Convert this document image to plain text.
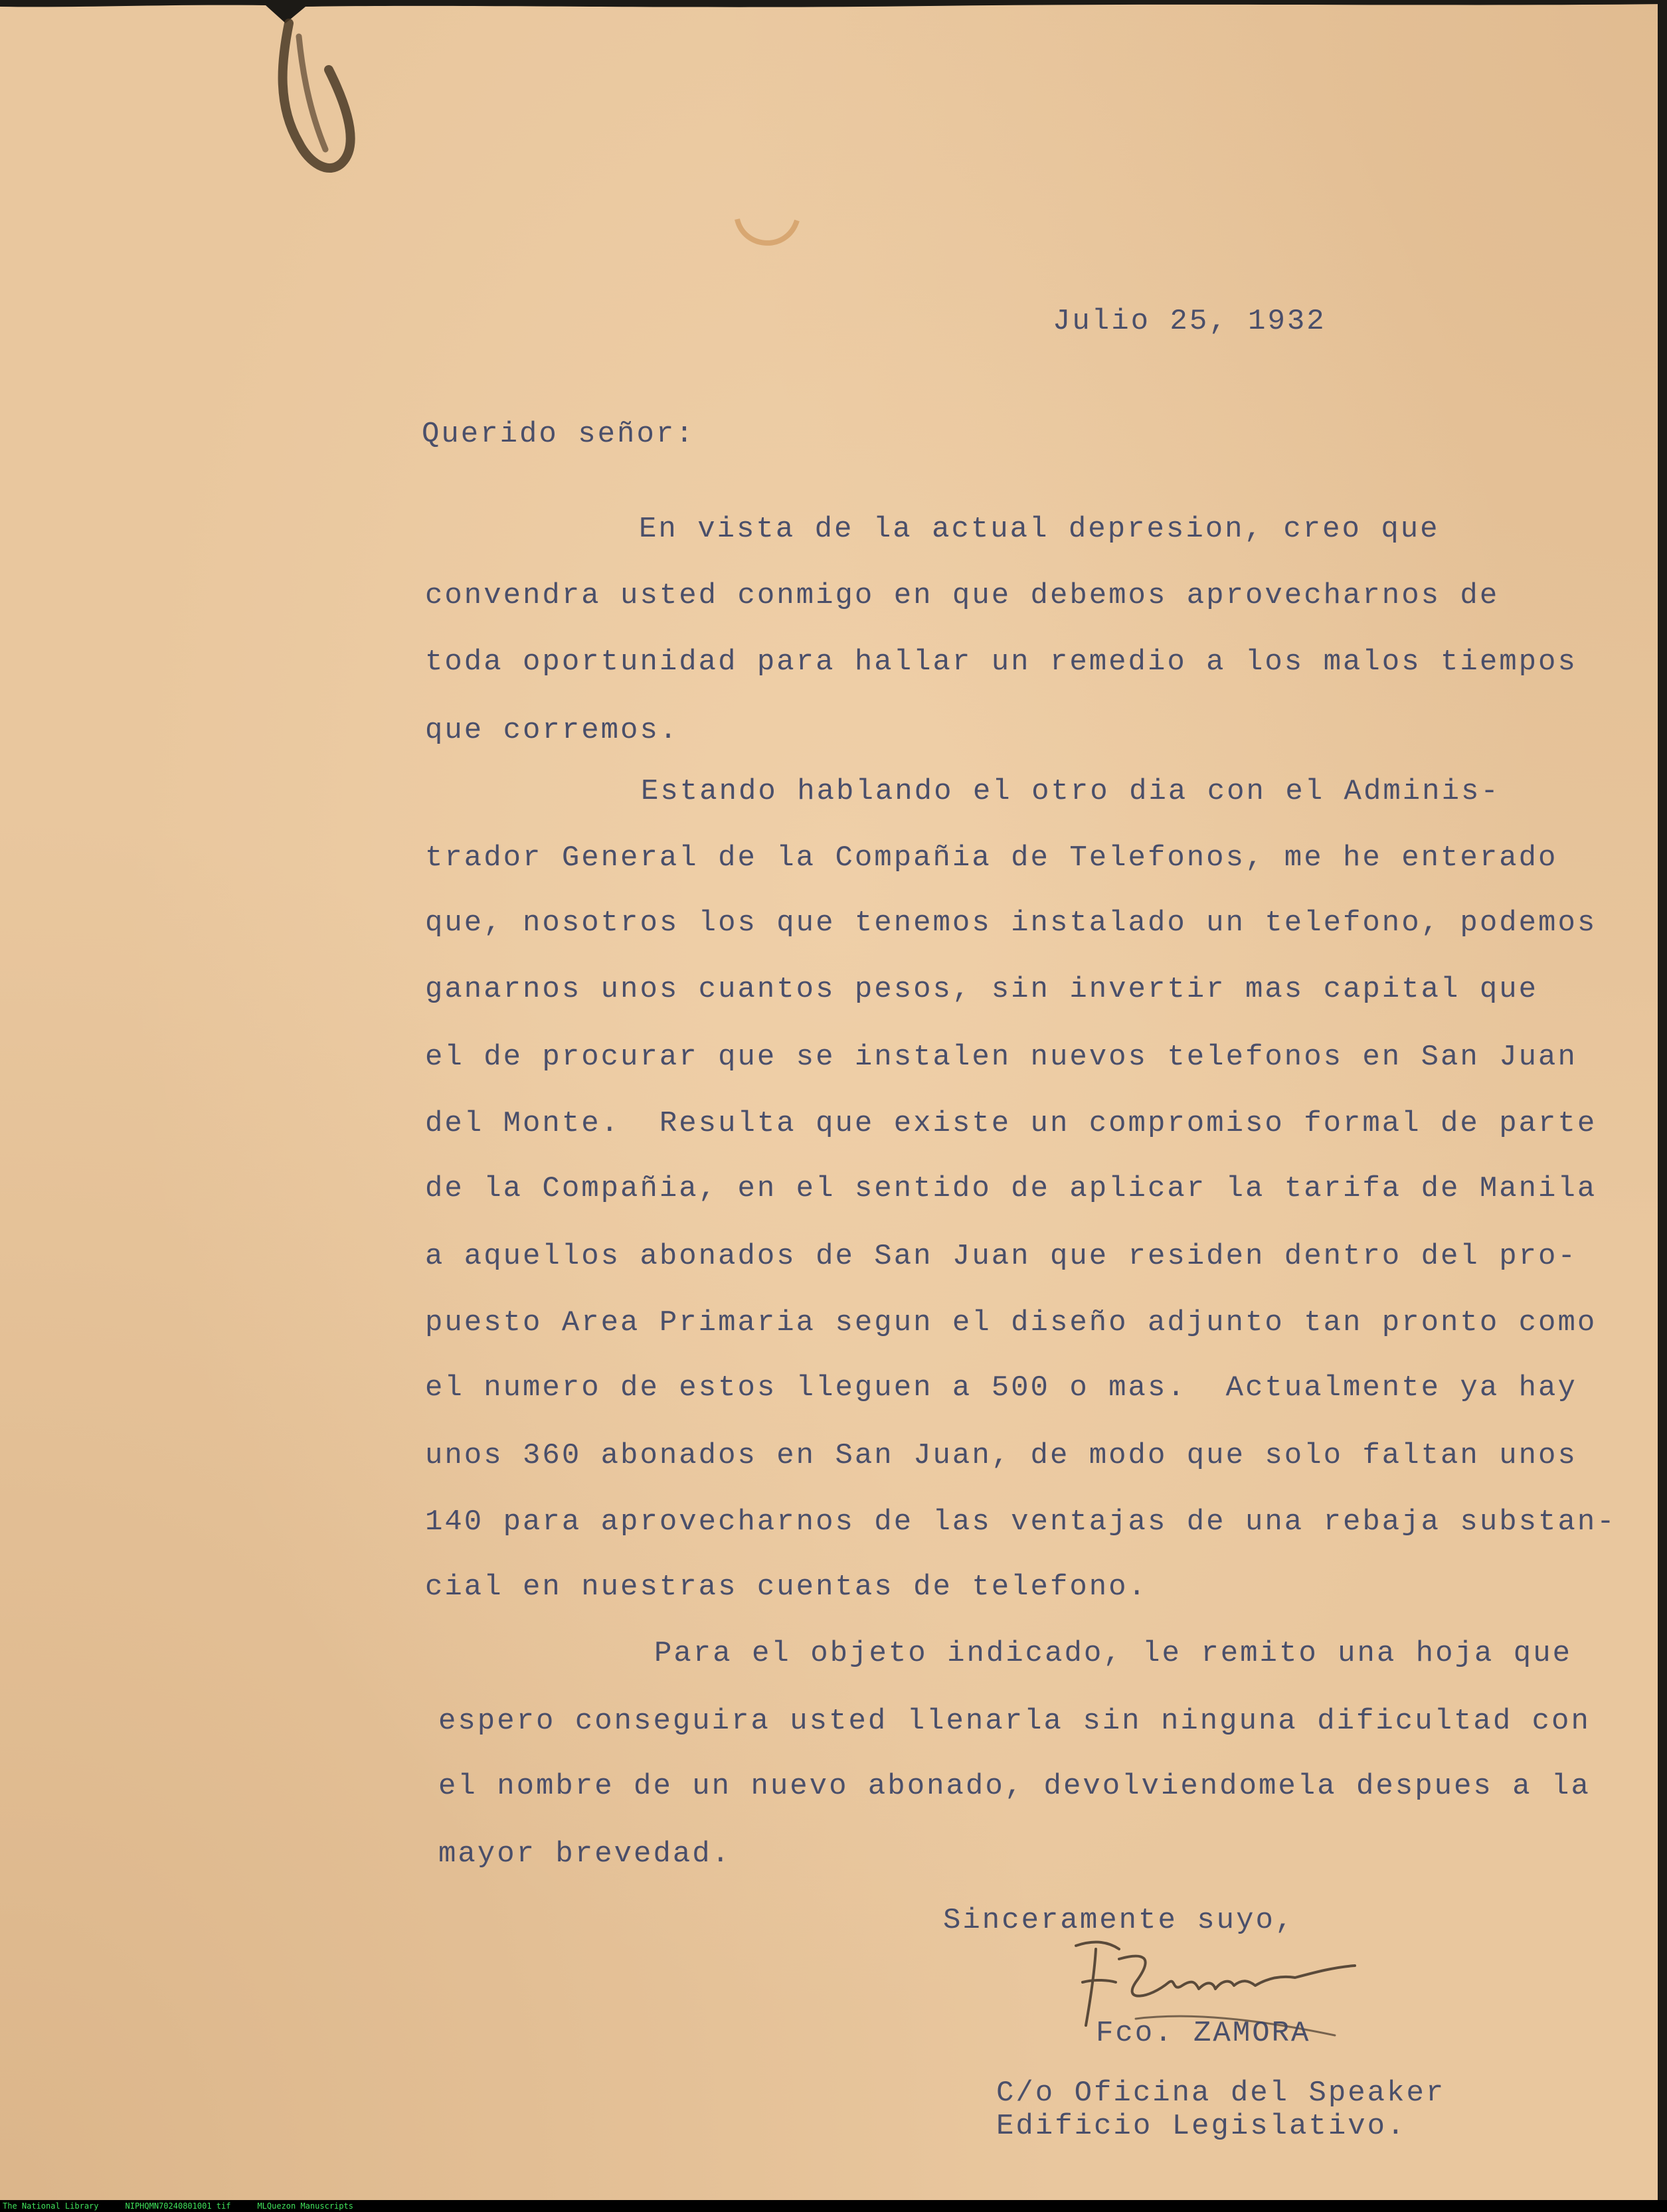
Julio 25, 1932
Querido señor:
En vista de la actual depresion, creo que
convendra usted conmigo en que debemos aprovecharnos de
toda oportunidad para hallar un remedio a los malos tiempos
que corremos.
Estando hablando el otro dia con el Adminis-
trador General de la Compañia de Telefonos, me he enterado
que, nosotros los que tenemos instalado un telefono, podemos
ganarnos unos cuantos pesos, sin invertir mas capital que
el de procurar que se instalen nuevos telefonos en San Juan
del Monte.  Resulta que existe un compromiso formal de parte
de la Compañia, en el sentido de aplicar la tarifa de Manila
a aquellos abonados de San Juan que residen dentro del pro-
puesto Area Primaria segun el diseño adjunto tan pronto como
el numero de estos lleguen a 500 o mas.  Actualmente ya hay
unos 360 abonados en San Juan, de modo que solo faltan unos
140 para aprovecharnos de las ventajas de una rebaja substan-
cial en nuestras cuentas de telefono.
Para el objeto indicado, le remito una hoja que
espero conseguira usted llenarla sin ninguna dificultad con
el nombre de un nuevo abonado, devolviendomela despues a la
mayor brevedad.
Sinceramente suyo,
Fco. ZAMORA
C/o Oficina del Speaker
Edificio Legislativo.
The National Library	NIPHQMN70240801001 tif	MLQuezon Manuscripts
